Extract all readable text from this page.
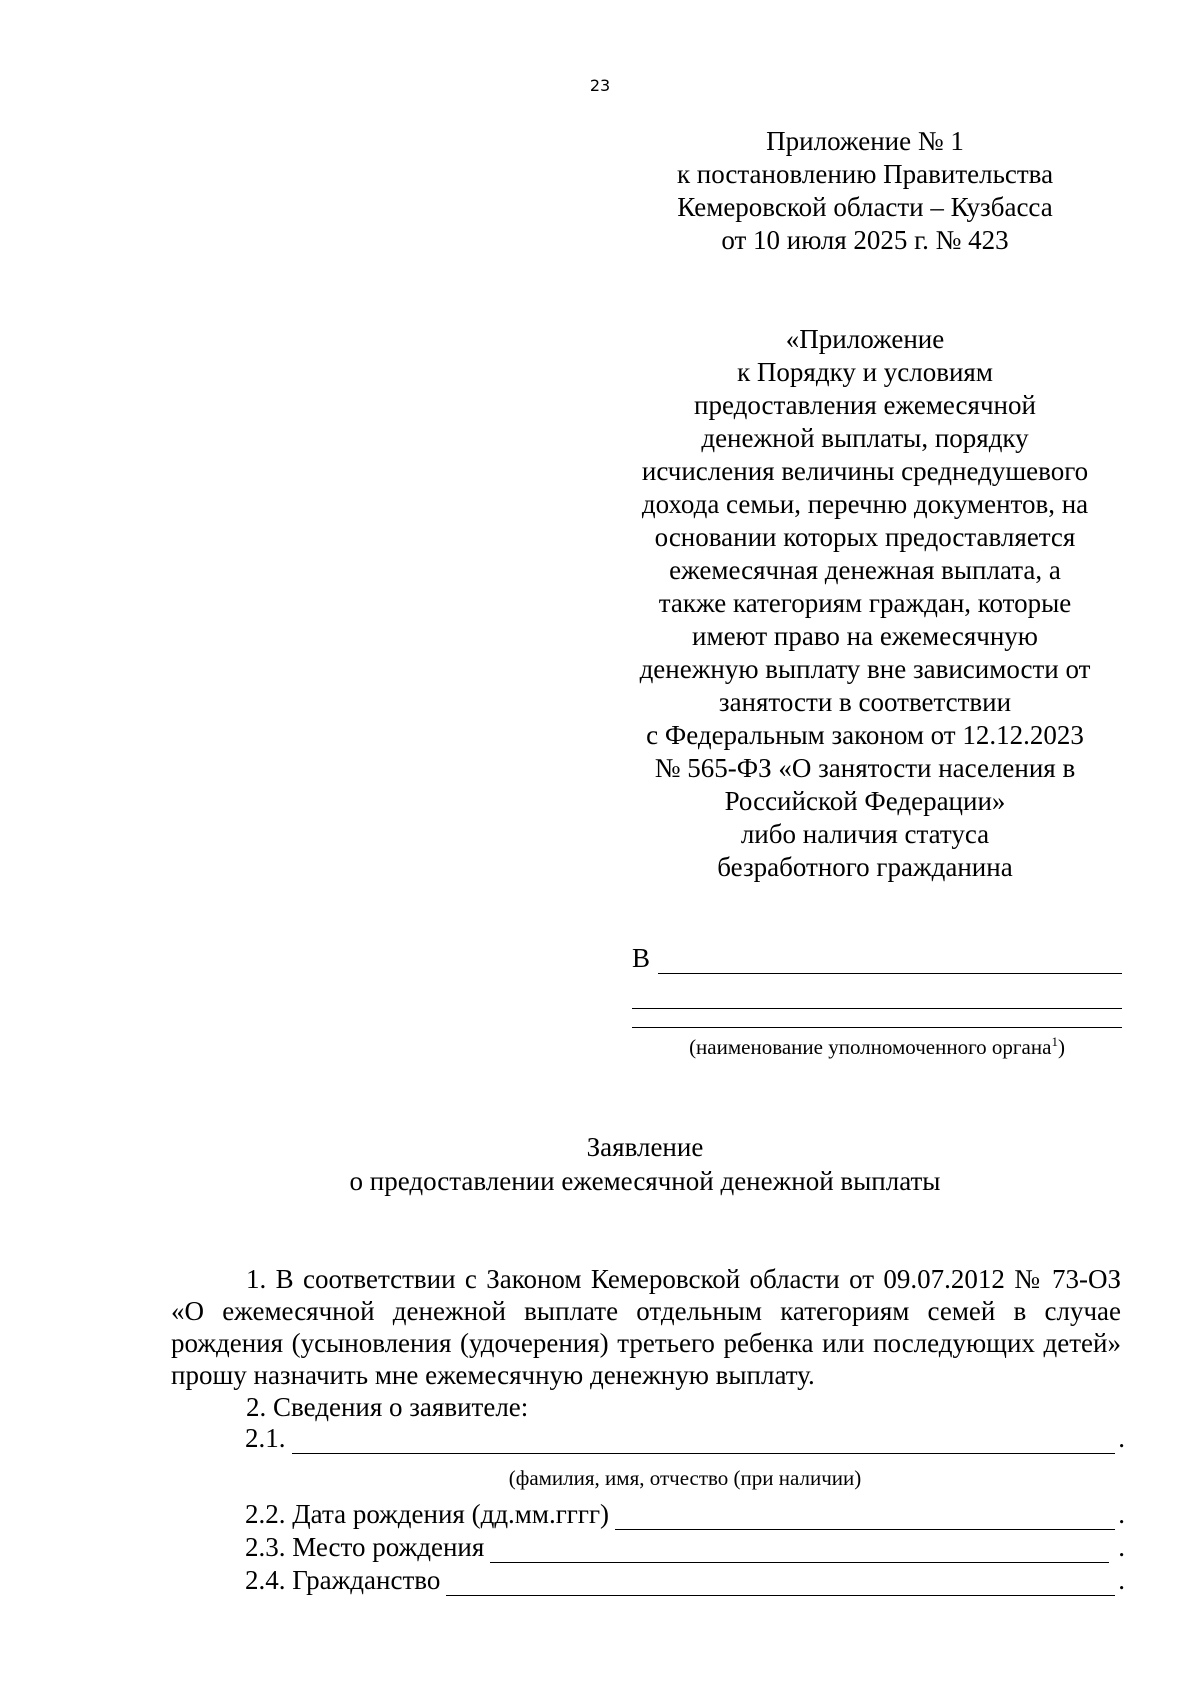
23
Приложение № 1
к постановлению Правительства
Кемеровской области – Кузбасса
от 10 июля 2025 г. № 423
«Приложение
к Порядку и условиям
предоставления ежемесячной
денежной выплаты, порядку
исчисления величины среднедушевого
дохода семьи, перечню документов, на
основании которых предоставляется
ежемесячная денежная выплата, а
также категориям граждан, которые
имеют право на ежемесячную
денежную выплату вне зависимости от
занятости в соответствии
с Федеральным законом от 12.12.2023
№ 565-ФЗ «О занятости населения в
Российской Федерации»
либо наличия статуса
безработного гражданина
В
(наименование уполномоченного органа$^1$)
Заявление
о предоставлении ежемесячной денежной выплаты

1. В соответствии с Законом Кемеровской области от 09.07.2012 № 73-ОЗ «О ежемесячной денежной выплате отдельным категориям семей в случае рождения (усыновления (удочерения) третьего ребенка или последующих детей» прошу назначить мне ежемесячную денежную выплату.

2. Сведения о заявителе:

2.1.	.
(фамилия, имя, отчество (при наличии)
2.2. Дата рождения (дд.мм.гггг)	.
2.3. Место рождения	.
2.4. Гражданство	.
